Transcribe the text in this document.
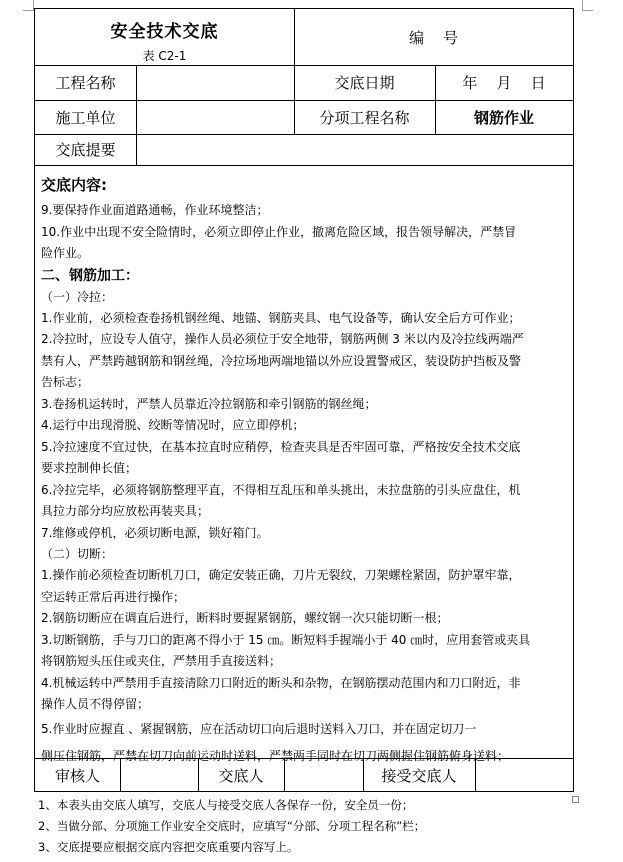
安全技术交底
表 C2-1
编    号
工程名称	交底日期	年    月    日
施工单位	分项工程名称	钢筋作业
交底提要
交底内容:

9.要保持作业面道路通畅，作业环境整洁；

10.作业中出现不安全险情时，必须立即停止作业，撤离危险区域，报告领导解决，严禁冒

险作业。

二、钢筋加工：

（一）冷拉：

1.作业前，必须检查卷扬机钢丝绳、地锚、钢筋夹具、电气设备等，确认安全后方可作业；

2.冷拉时，应设专人值守，操作人员必须位于安全地带，钢筋两侧 3 米以内及冷拉线两端严

禁有人，严禁跨越钢筋和钢丝绳，冷拉场地两端地锚以外应设置警戒区，装设防护挡板及警

告标志；

3.卷扬机运转时，严禁人员靠近冷拉钢筋和牵引钢筋的钢丝绳；

4.运行中出现滑脱、绞断等情况时，应立即停机；

5.冷拉速度不宜过快，在基本拉直时应稍停，检查夹具是否牢固可靠，严格按安全技术交底

要求控制伸长值；

6.冷拉完毕，必须将钢筋整理平直，不得相互乱压和单头挑出，未拉盘筋的引头应盘住，机

具拉力部分均应放松再装夹具；

7.维修或停机，必须切断电源，锁好箱门。

（二）切断：

1.操作前必须检查切断机刀口，确定安装正确，刀片无裂纹，刀架螺栓紧固，防护罩牢靠，

空运转正常后再进行操作；

2.钢筋切断应在调直后进行，断料时要握紧钢筋，螺纹钢一次只能切断一根；

3.切断钢筋，手与刀口的距离不得小于 15 ㎝。断短料手握端小于 40 ㎝时，应用套管或夹具

将钢筋短头压住或夹住，严禁用手直接送料；

4.机械运转中严禁用手直接清除刀口附近的断头和杂物，在钢筋摆动范围内和刀口附近，非

操作人员不得停留；

5.作业时应握直 、紧握钢筋，应在活动切口向后退时送料入刀口，并在固定切刀一

侧压住钢筋，严禁在切刀向前运动时送料，严禁两手同时在切刀两侧握住钢筋俯身送料；

审核人	交底人	接受交底人
1、本表头由交底人填写，交底人与接受交底人各保存一份，安全员一份；
2、当做分部、分项施工作业安全交底时，应填写“分部、分项工程名称”栏；
3、交底提要应根据交底内容把交底重要内容写上。
